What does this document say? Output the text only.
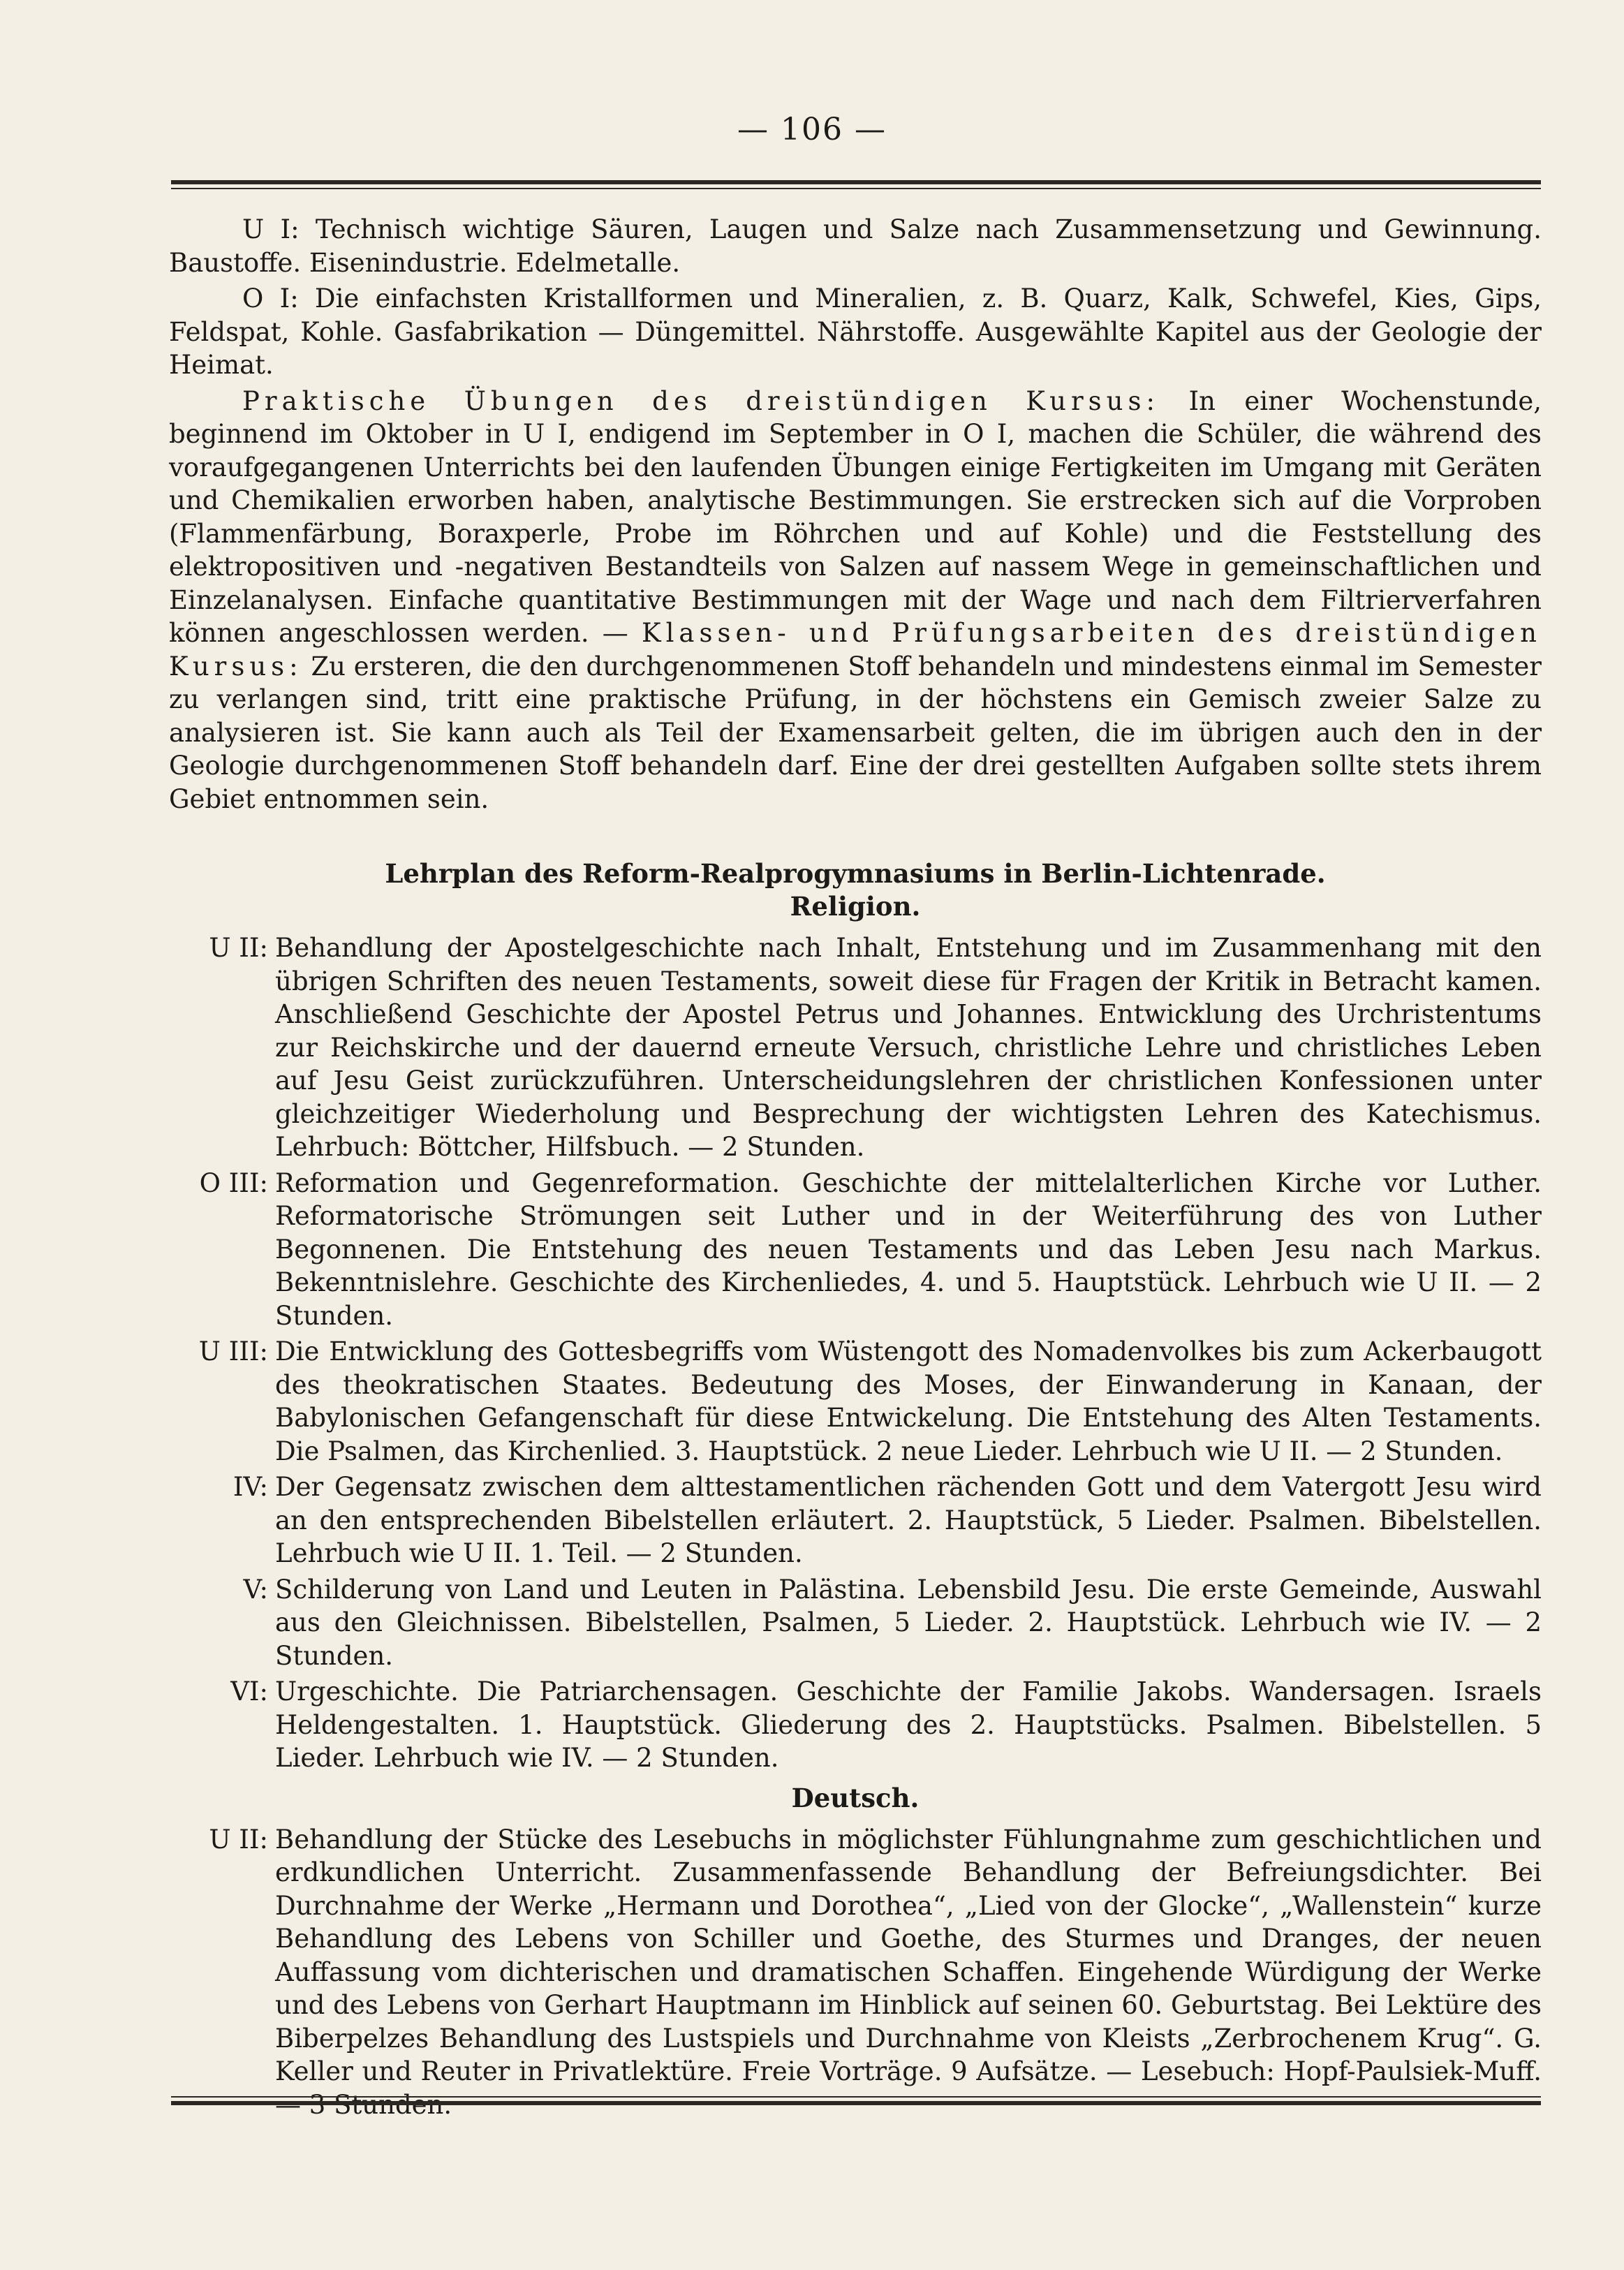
— 106 —

U I: Technisch wichtige Säuren, Laugen und Salze nach Zusammensetzung und Gewinnung. Baustoffe. Eisenindustrie. Edelmetalle.

O I: Die einfachsten Kristallformen und Mineralien, z. B. Quarz, Kalk, Schwefel, Kies, Gips, Feldspat, Kohle. Gasfabrikation — Düngemittel. Nährstoffe. Ausgewählte Kapitel aus der Geologie der Heimat.

Praktische Übungen des dreistündigen Kursus: In einer Wochenstunde, beginnend im Oktober in U I, endigend im September in O I, machen die Schüler, die während des voraufgegangenen Unterrichts bei den laufenden Übungen einige Fertigkeiten im Umgang mit Geräten und Chemikalien erworben haben, analytische Bestimmungen. Sie erstrecken sich auf die Vorproben (Flammenfärbung, Boraxperle, Probe im Röhrchen und auf Kohle) und die Feststellung des elektropositiven und -negativen Bestandteils von Salzen auf nassem Wege in gemeinschaftlichen und Einzelanalysen. Einfache quantitative Bestimmungen mit der Wage und nach dem Filtrierverfahren können angeschlossen werden. — Klassen- und Prüfungsarbeiten des dreistündigen Kursus: Zu ersteren, die den durchgenommenen Stoff behandeln und mindestens einmal im Semester zu verlangen sind, tritt eine praktische Prüfung, in der höchstens ein Gemisch zweier Salze zu analysieren ist. Sie kann auch als Teil der Examensarbeit gelten, die im übrigen auch den in der Geologie durchgenommenen Stoff behandeln darf. Eine der drei gestellten Aufgaben sollte stets ihrem Gebiet entnommen sein.

Lehrplan des Reform-Realprogymnasiums in Berlin-Lichtenrade.
Religion.
U II: Behandlung der Apostelgeschichte nach Inhalt, Entstehung und im Zusammenhang mit den übrigen Schriften des neuen Testaments, soweit diese für Fragen der Kritik in Betracht kamen. Anschließend Geschichte der Apostel Petrus und Johannes. Entwicklung des Urchristentums zur Reichskirche und der dauernd erneute Versuch, christliche Lehre und christliches Leben auf Jesu Geist zurückzuführen. Unterscheidungslehren der christlichen Konfessionen unter gleichzeitiger Wiederholung und Besprechung der wichtigsten Lehren des Katechismus. Lehrbuch: Böttcher, Hilfsbuch. — 2 Stunden.
O III: Reformation und Gegenreformation. Geschichte der mittelalterlichen Kirche vor Luther. Reformatorische Strömungen seit Luther und in der Weiterführung des von Luther Begonnenen. Die Entstehung des neuen Testaments und das Leben Jesu nach Markus. Bekenntnislehre. Geschichte des Kirchenliedes, 4. und 5. Hauptstück. Lehrbuch wie U II. — 2 Stunden.
U III: Die Entwicklung des Gottesbegriffs vom Wüstengott des Nomadenvolkes bis zum Ackerbaugott des theokratischen Staates. Bedeutung des Moses, der Einwanderung in Kanaan, der Babylonischen Gefangenschaft für diese Entwickelung. Die Entstehung des Alten Testaments. Die Psalmen, das Kirchenlied. 3. Hauptstück. 2 neue Lieder. Lehrbuch wie U II. — 2 Stunden.
IV: Der Gegensatz zwischen dem alttestamentlichen rächenden Gott und dem Vatergott Jesu wird an den entsprechenden Bibelstellen erläutert. 2. Hauptstück, 5 Lieder. Psalmen. Bibelstellen. Lehrbuch wie U II. 1. Teil. — 2 Stunden.
V: Schilderung von Land und Leuten in Palästina. Lebensbild Jesu. Die erste Gemeinde, Auswahl aus den Gleichnissen. Bibelstellen, Psalmen, 5 Lieder. 2. Hauptstück. Lehrbuch wie IV. — 2 Stunden.
VI: Urgeschichte. Die Patriarchensagen. Geschichte der Familie Jakobs. Wandersagen. Israels Heldengestalten. 1. Hauptstück. Gliederung des 2. Hauptstücks. Psalmen. Bibelstellen. 5 Lieder. Lehrbuch wie IV. — 2 Stunden.
Deutsch.
U II: Behandlung der Stücke des Lesebuchs in möglichster Fühlungnahme zum geschichtlichen und erdkundlichen Unterricht. Zusammenfassende Behandlung der Befreiungsdichter. Bei Durchnahme der Werke „Hermann und Dorothea“, „Lied von der Glocke“, „Wallenstein“ kurze Behandlung des Lebens von Schiller und Goethe, des Sturmes und Dranges, der neuen Auffassung vom dichterischen und dramatischen Schaffen. Eingehende Würdigung der Werke und des Lebens von Gerhart Hauptmann im Hinblick auf seinen 60. Geburtstag. Bei Lektüre des Biberpelzes Behandlung des Lustspiels und Durchnahme von Kleists „Zerbrochenem Krug“. G. Keller und Reuter in Privatlektüre. Freie Vorträge. 9 Aufsätze. — Lesebuch: Hopf-Paulsiek-Muff.
